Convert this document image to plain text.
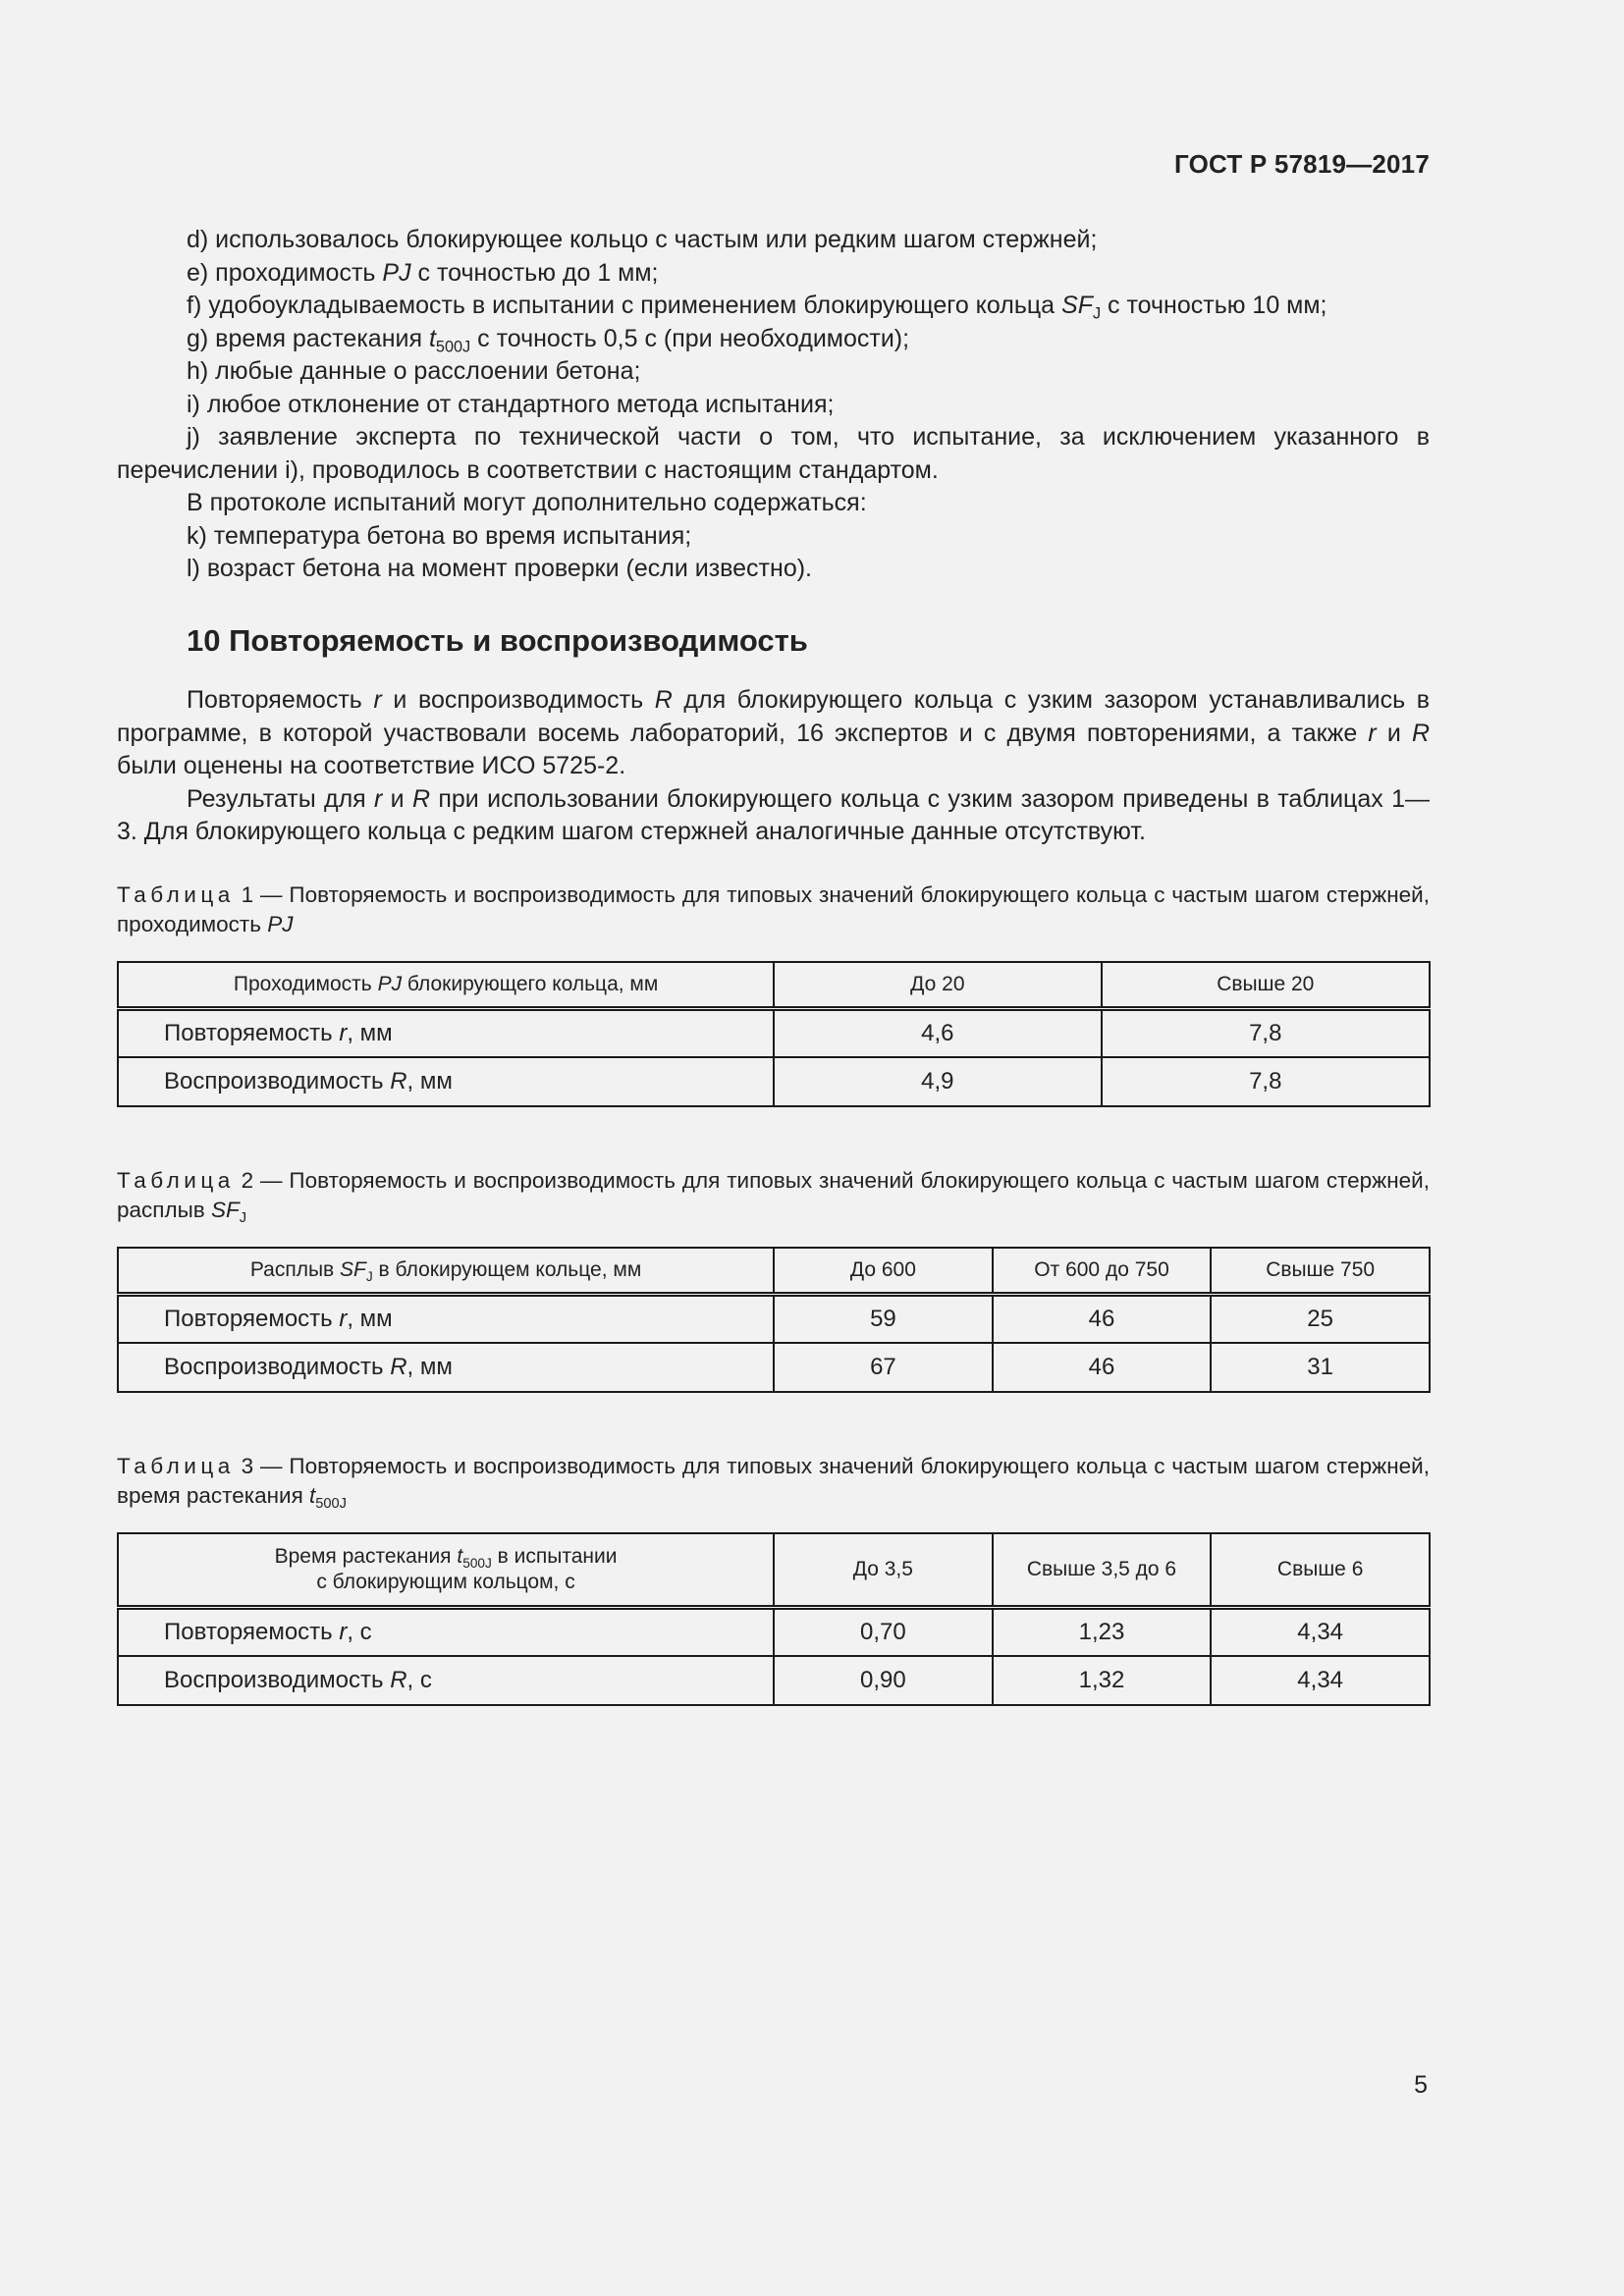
ГОСТ Р 57819—2017

d) использовалось блокирующее кольцо с частым или редким шагом стержней;

e) проходимость PJ с точностью до 1 мм;

f) удобоукладываемость в испытании с применением блокирующего кольца $SF_J$ с точностью 10 мм;

g) время растекания $t_{500J}$ с точность 0,5 с (при необходимости);

h) любые данные о расслоении бетона;

i) любое отклонение от стандартного метода испытания;

j) заявление эксперта по технической части о том, что испытание, за исключением указанного в перечислении i), проводилось в соответствии с настоящим стандартом.

В протоколе испытаний могут дополнительно содержаться:

k) температура бетона во время испытания;

l) возраст бетона на момент проверки (если известно).

10 Повторяемость и воспроизводимость

Повторяемость r и воспроизводимость R для блокирующего кольца с узким зазором устанавливались в программе, в которой участвовали восемь лабораторий, 16 экспертов и с двумя повторениями, а также r и R были оценены на соответствие ИСО 5725-2.

Результаты для r и R при использовании блокирующего кольца с узким зазором приведены в таблицах 1—3. Для блокирующего кольца с редким шагом стержней аналогичные данные отсутствуют.

Таблица 1 — Повторяемость и воспроизводимость для типовых значений блокирующего кольца с частым шагом стержней, проходимость PJ
Проходимость PJ блокирующего кольца, мм	До 20	Свыше 20
Повторяемость r, мм	4,6	7,8
Воспроизводимость R, мм	4,9	7,8
Таблица 2 — Повторяемость и воспроизводимость для типовых значений блокирующего кольца с частым шагом стержней, расплыв $SF_J$
Расплыв $SF_J$ в блокирующем кольце, мм	До 600	От 600 до 750	Свыше 750
Повторяемость r, мм	59	46	25
Воспроизводимость R, мм	67	46	31
Таблица 3 — Повторяемость и воспроизводимость для типовых значений блокирующего кольца с частым шагом стержней, время растекания $t_{500J}$
Время растекания $t_{500J}$ в испытании
с блокирующим кольцом, с	До 3,5	Свыше 3,5 до 6	Свыше 6
Повторяемость r, с	0,70	1,23	4,34
Воспроизводимость R, с	0,90	1,32	4,34
5
